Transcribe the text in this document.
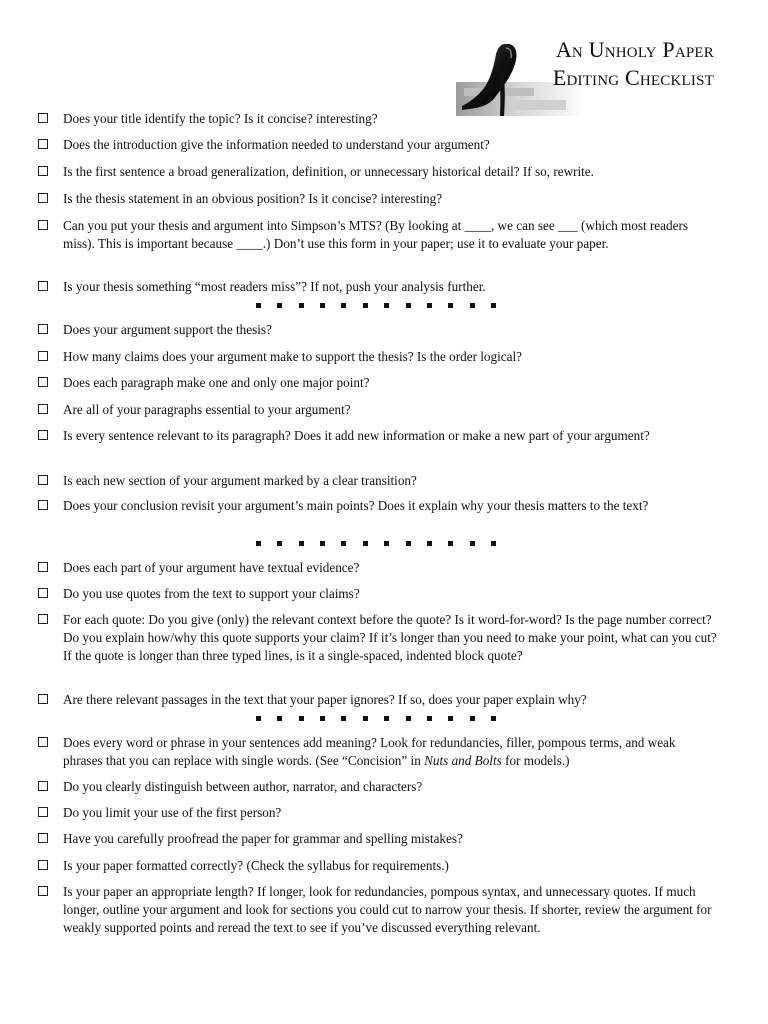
An Unholy Paper
Editing Checklist
Does your title identify the topic? Is it concise? interesting?
Does the introduction give the information needed to understand your argument?
Is the first sentence a broad generalization, definition, or unnecessary historical detail? If so, rewrite.
Is the thesis statement in an obvious position? Is it concise? interesting?
Can you put your thesis and argument into Simpson’s MTS? (By looking at ____, we can see ___ (which most readers miss). This is important because ____.) Don’t use this form in your paper; use it to evaluate your paper.
Is your thesis something “most readers miss”? If not, push your analysis further.
Does your argument support the thesis?
How many claims does your argument make to support the thesis? Is the order logical?
Does each paragraph make one and only one major point?
Are all of your paragraphs essential to your argument?
Is every sentence relevant to its paragraph? Does it add new information or make a new part of your argument?
Is each new section of your argument marked by a clear transition?
Does your conclusion revisit your argument’s main points? Does it explain why your thesis matters to the text?
Does each part of your argument have textual evidence?
Do you use quotes from the text to support your claims?
For each quote: Do you give (only) the relevant context before the quote? Is it word-for-word? Is the page number correct? Do you explain how/why this quote supports your claim? If it’s longer than you need to make your point, what can you cut? If the quote is longer than three typed lines, is it a single-spaced, indented block quote?
Are there relevant passages in the text that your paper ignores? If so, does your paper explain why?
Does every word or phrase in your sentences add meaning? Look for redundancies, filler, pompous terms, and weak phrases that you can replace with single words. (See “Concision” in Nuts and Bolts for models.)
Do you clearly distinguish between author, narrator, and characters?
Do you limit your use of the first person?
Have you carefully proofread the paper for grammar and spelling mistakes?
Is your paper formatted correctly? (Check the syllabus for requirements.)
Is your paper an appropriate length? If longer, look for redundancies, pompous syntax, and unnecessary quotes. If much longer, outline your argument and look for sections you could cut to narrow your thesis. If shorter, review the argument for weakly supported points and reread the text to see if you’ve discussed everything relevant.
